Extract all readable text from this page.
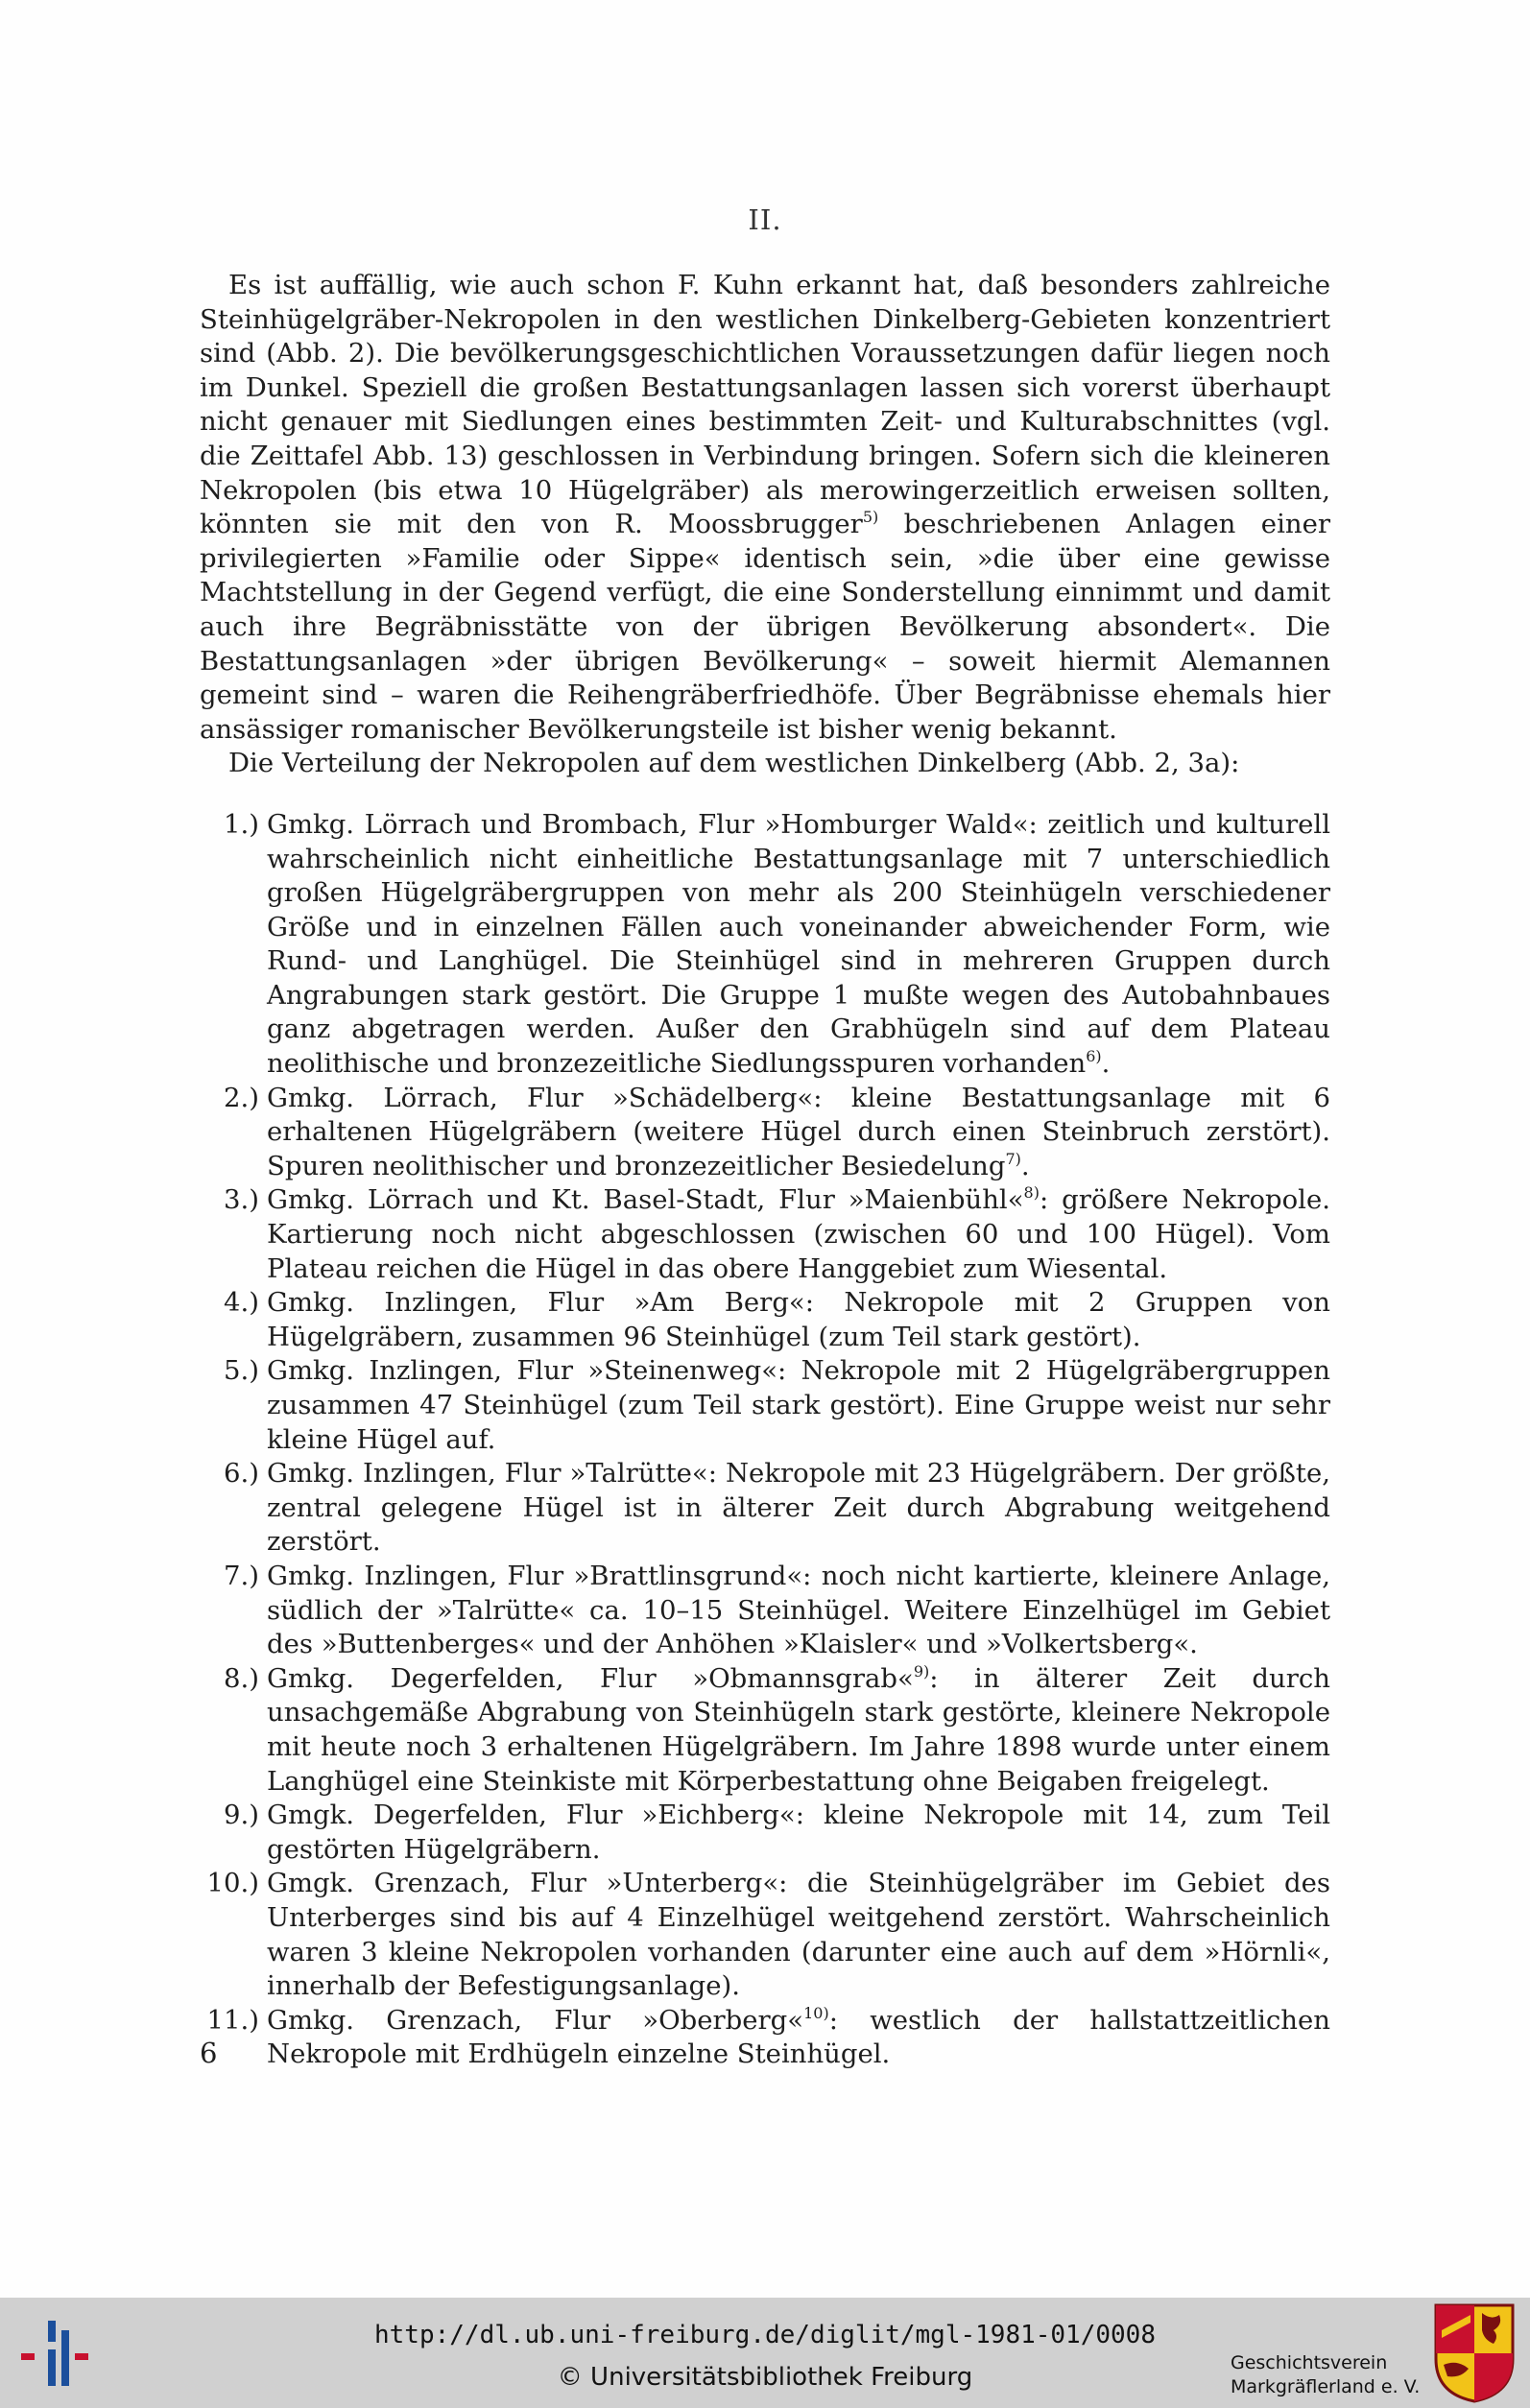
II.

Es ist auffällig, wie auch schon F. Kuhn erkannt hat, daß besonders zahlreiche Steinhügelgräber-Nekropolen in den westlichen Dinkelberg-Gebieten konzentriert sind (Abb. 2). Die bevölkerungsgeschichtlichen Voraussetzungen dafür liegen noch im Dunkel. Speziell die großen Bestattungsanlagen lassen sich vorerst überhaupt nicht genauer mit Siedlungen eines bestimmten Zeit- und Kulturabschnittes (vgl. die Zeittafel Abb. 13) geschlossen in Verbindung bringen. Sofern sich die kleineren Nekropolen (bis etwa 10 Hügelgräber) als merowingerzeitlich erweisen sollten, könnten sie mit den von R. Moossbrugger$^{5)}$ beschriebenen Anlagen einer privilegierten »Familie oder Sippe« identisch sein, »die über eine gewisse Machtstellung in der Gegend verfügt, die eine Sonderstellung einnimmt und damit auch ihre Begräbnisstätte von der übrigen Bevölkerung absondert«. Die Bestattungsanlagen »der übrigen Bevölkerung« – soweit hiermit Alemannen gemeint sind – waren die Reihengräberfriedhöfe. Über Begräbnisse ehemals hier ansässiger romanischer Bevölkerungsteile ist bisher wenig bekannt.

Die Verteilung der Nekropolen auf dem westlichen Dinkelberg (Abb. 2, 3a):

1.) Gmkg. Lörrach und Brombach, Flur »Homburger Wald«: zeitlich und kulturell wahrscheinlich nicht einheitliche Bestattungsanlage mit 7 unterschiedlich großen Hügelgräbergruppen von mehr als 200 Steinhügeln verschiedener Größe und in einzelnen Fällen auch voneinander abweichender Form, wie Rund- und Langhügel. Die Steinhügel sind in mehreren Gruppen durch Angrabungen stark gestört. Die Gruppe 1 mußte wegen des Autobahnbaues ganz abgetragen werden. Außer den Grabhügeln sind auf dem Plateau neolithische und bronzezeitliche Siedlungsspuren vorhanden$^{6)}$.
2.) Gmkg. Lörrach, Flur »Schädelberg«: kleine Bestattungsanlage mit 6 erhaltenen Hügelgräbern (weitere Hügel durch einen Steinbruch zerstört). Spuren neolithischer und bronzezeitlicher Besiedelung$^{7)}$.
3.) Gmkg. Lörrach und Kt. Basel-Stadt, Flur »Maienbühl«$^{8)}$: größere Nekropole. Kartierung noch nicht abgeschlossen (zwischen 60 und 100 Hügel). Vom Plateau reichen die Hügel in das obere Hanggebiet zum Wiesental.
4.) Gmkg. Inzlingen, Flur »Am Berg«: Nekropole mit 2 Gruppen von Hügelgräbern, zusammen 96 Steinhügel (zum Teil stark gestört).
5.) Gmkg. Inzlingen, Flur »Steinenweg«: Nekropole mit 2 Hügelgräbergruppen zusammen 47 Steinhügel (zum Teil stark gestört). Eine Gruppe weist nur sehr kleine Hügel auf.
6.) Gmkg. Inzlingen, Flur »Talrütte«: Nekropole mit 23 Hügelgräbern. Der größte, zentral gelegene Hügel ist in älterer Zeit durch Abgrabung weitgehend zerstört.
7.) Gmkg. Inzlingen, Flur »Brattlinsgrund«: noch nicht kartierte, kleinere Anlage, südlich der »Talrütte« ca. 10–15 Steinhügel. Weitere Einzelhügel im Gebiet des »Buttenberges« und der Anhöhen »Klaisler« und »Volkertsberg«.
8.) Gmkg. Degerfelden, Flur »Obmannsgrab«$^{9)}$: in älterer Zeit durch unsachgemäße Abgrabung von Steinhügeln stark gestörte, kleinere Nekropole mit heute noch 3 erhaltenen Hügelgräbern. Im Jahre 1898 wurde unter einem Langhügel eine Steinkiste mit Körperbestattung ohne Beigaben freigelegt.
9.) Gmgk. Degerfelden, Flur »Eichberg«: kleine Nekropole mit 14, zum Teil gestörten Hügelgräbern.
10.) Gmgk. Grenzach, Flur »Unterberg«: die Steinhügelgräber im Gebiet des Unterberges sind bis auf 4 Einzelhügel weitgehend zerstört. Wahrscheinlich waren 3 kleine Nekropolen vorhanden (darunter eine auch auf dem »Hörnli«, innerhalb der Befestigungsanlage).
11.) Gmkg. Grenzach, Flur »Oberberg«$^{10)}$: westlich der hallstattzeitlichen Nekropole mit Erdhügeln einzelne Steinhügel.
6
http://dl.ub.uni-freiburg.de/diglit/mgl-1981-01/0008
© Universitätsbibliothek Freiburg	Geschichtsverein
Markgräflerland e. V.
